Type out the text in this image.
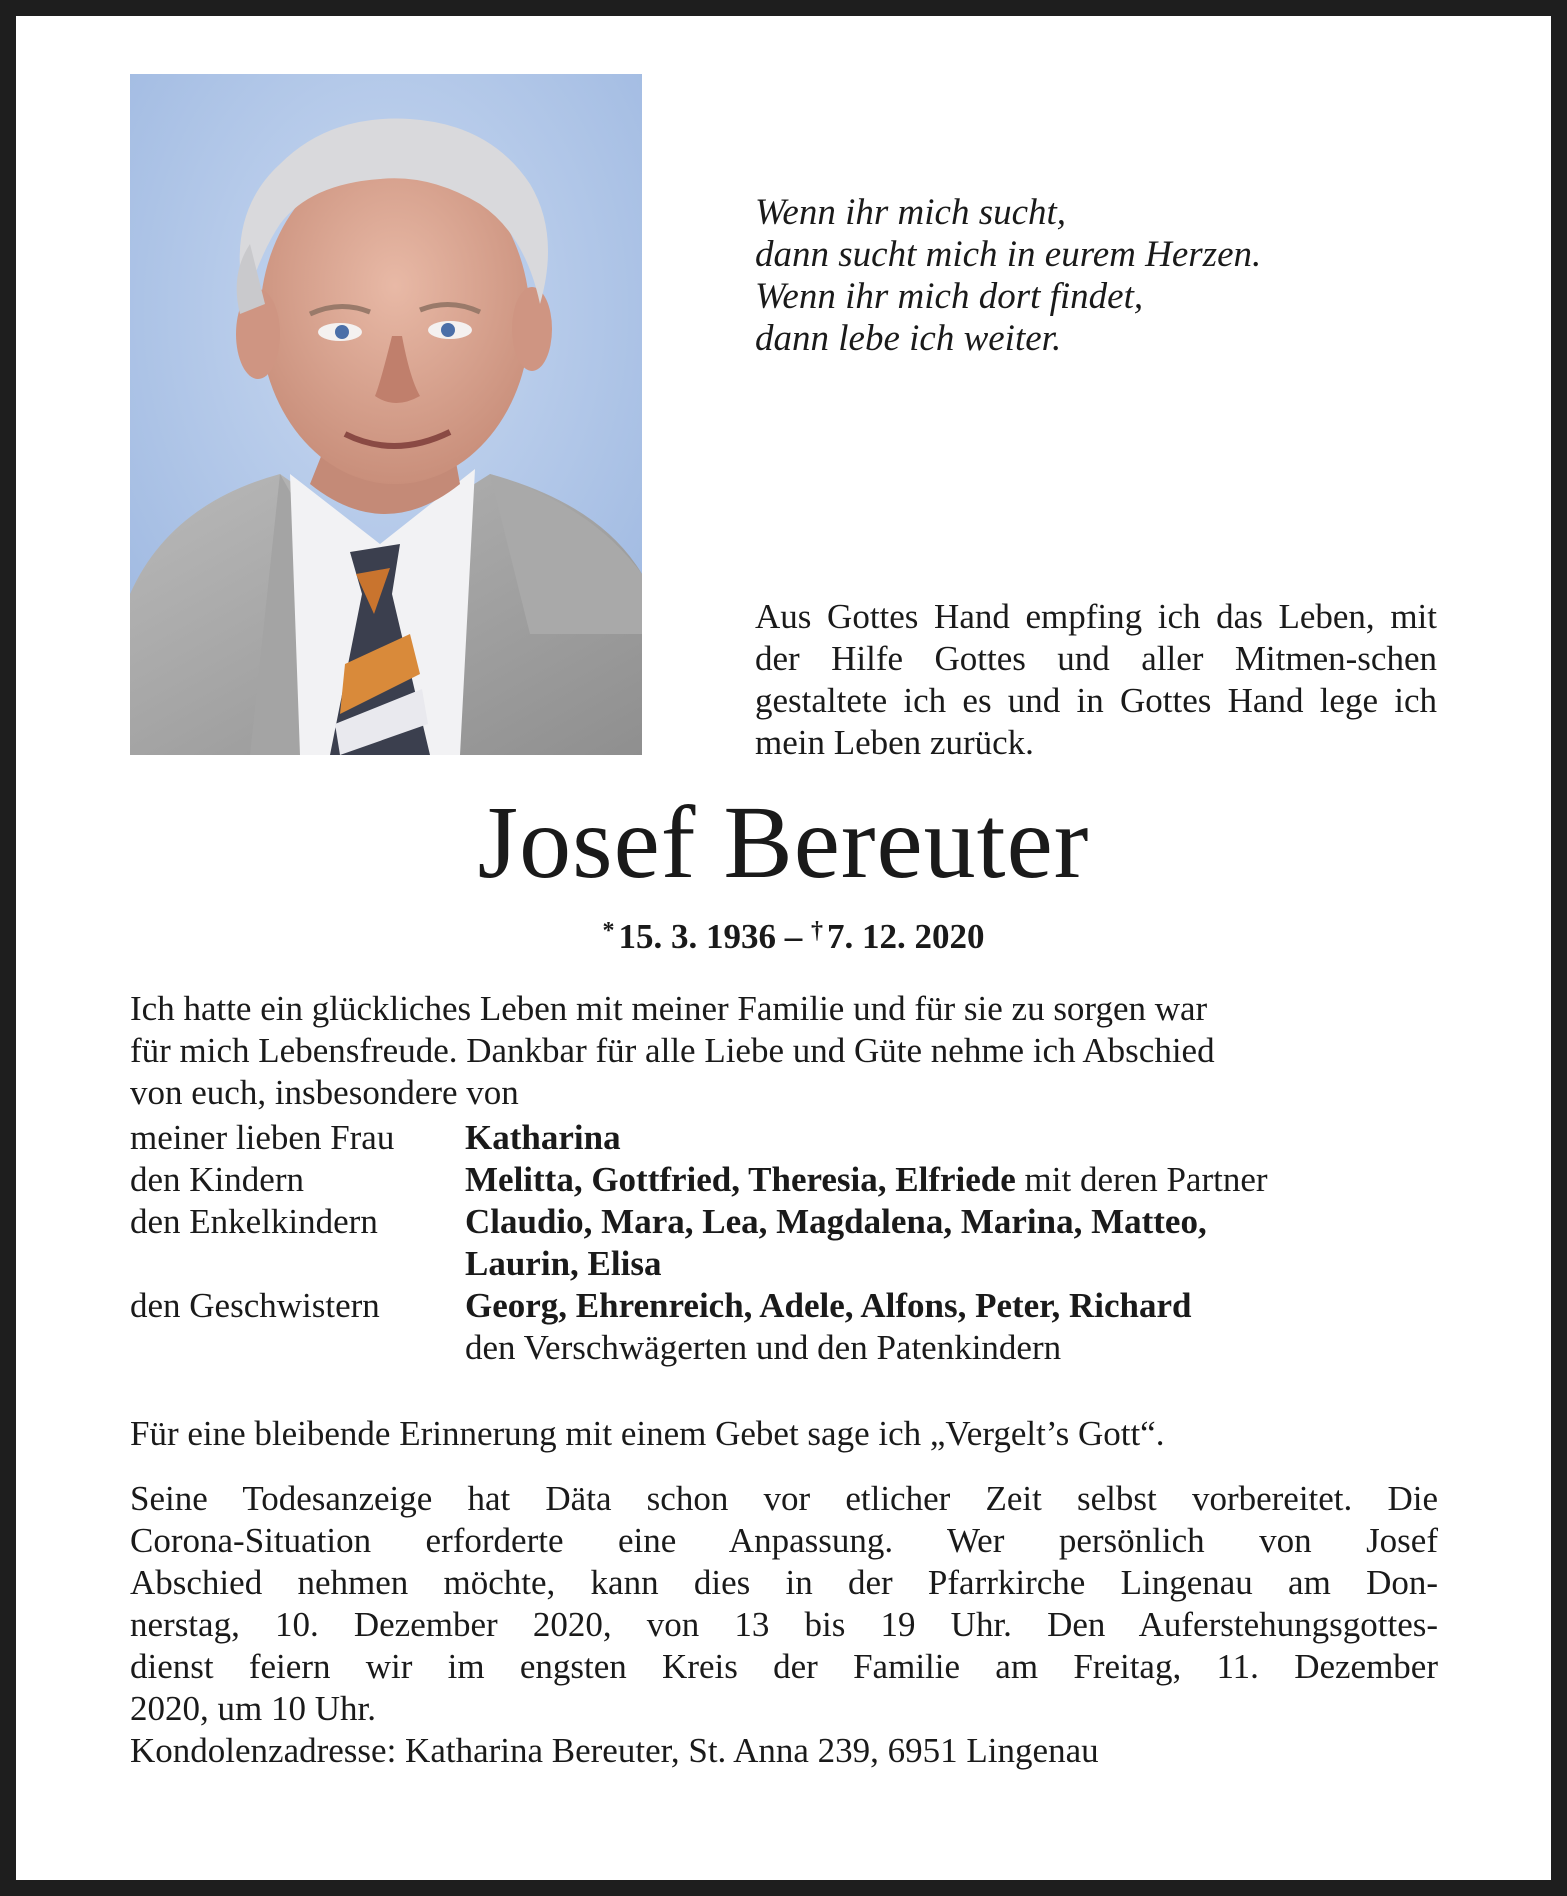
Wenn ihr mich sucht,
dann sucht mich in eurem Herzen.
Wenn ihr mich dort findet,
dann lebe ich weiter.
Aus Gottes Hand empfing ich das Leben, mit der Hilfe Gottes und aller Mitmen-schen gestaltete ich es und in Gottes Hand lege ich mein Leben zurück.
Josef Bereuter
* 15. 3. 1936 – † 7. 12. 2020
Ich hatte ein glückliches Leben mit meiner Familie und für sie zu sorgen war
für mich Lebensfreude. Dankbar für alle Liebe und Güte nehme ich Abschied
von euch, insbesondere von
meiner lieben Frau	Katharina
den Kindern	Melitta, Gottfried, Theresia, Elfriede mit deren Partner
den Enkelkindern	Claudio, Mara, Lea, Magdalena, Marina, Matteo,
Laurin, Elisa
den Geschwistern	Georg, Ehrenreich, Adele, Alfons, Peter, Richard
den Verschwägerten und den Patenkindern
Für eine bleibende Erinnerung mit einem Gebet sage ich „Vergelt’s Gott“.
Seine Todesanzeige hat Däta schon vor etlicher Zeit selbst vorbereitet. Die
Corona-Situation erforderte eine Anpassung. Wer persönlich von Josef
Abschied nehmen möchte, kann dies in der Pfarrkirche Lingenau am Don-
nerstag, 10. Dezember 2020, von 13 bis 19 Uhr. Den Auferstehungsgottes-
dienst feiern wir im engsten Kreis der Familie am Freitag, 11. Dezember
2020, um 10 Uhr.
Kondolenzadresse: Katharina Bereuter, St. Anna 239, 6951 Lingenau
